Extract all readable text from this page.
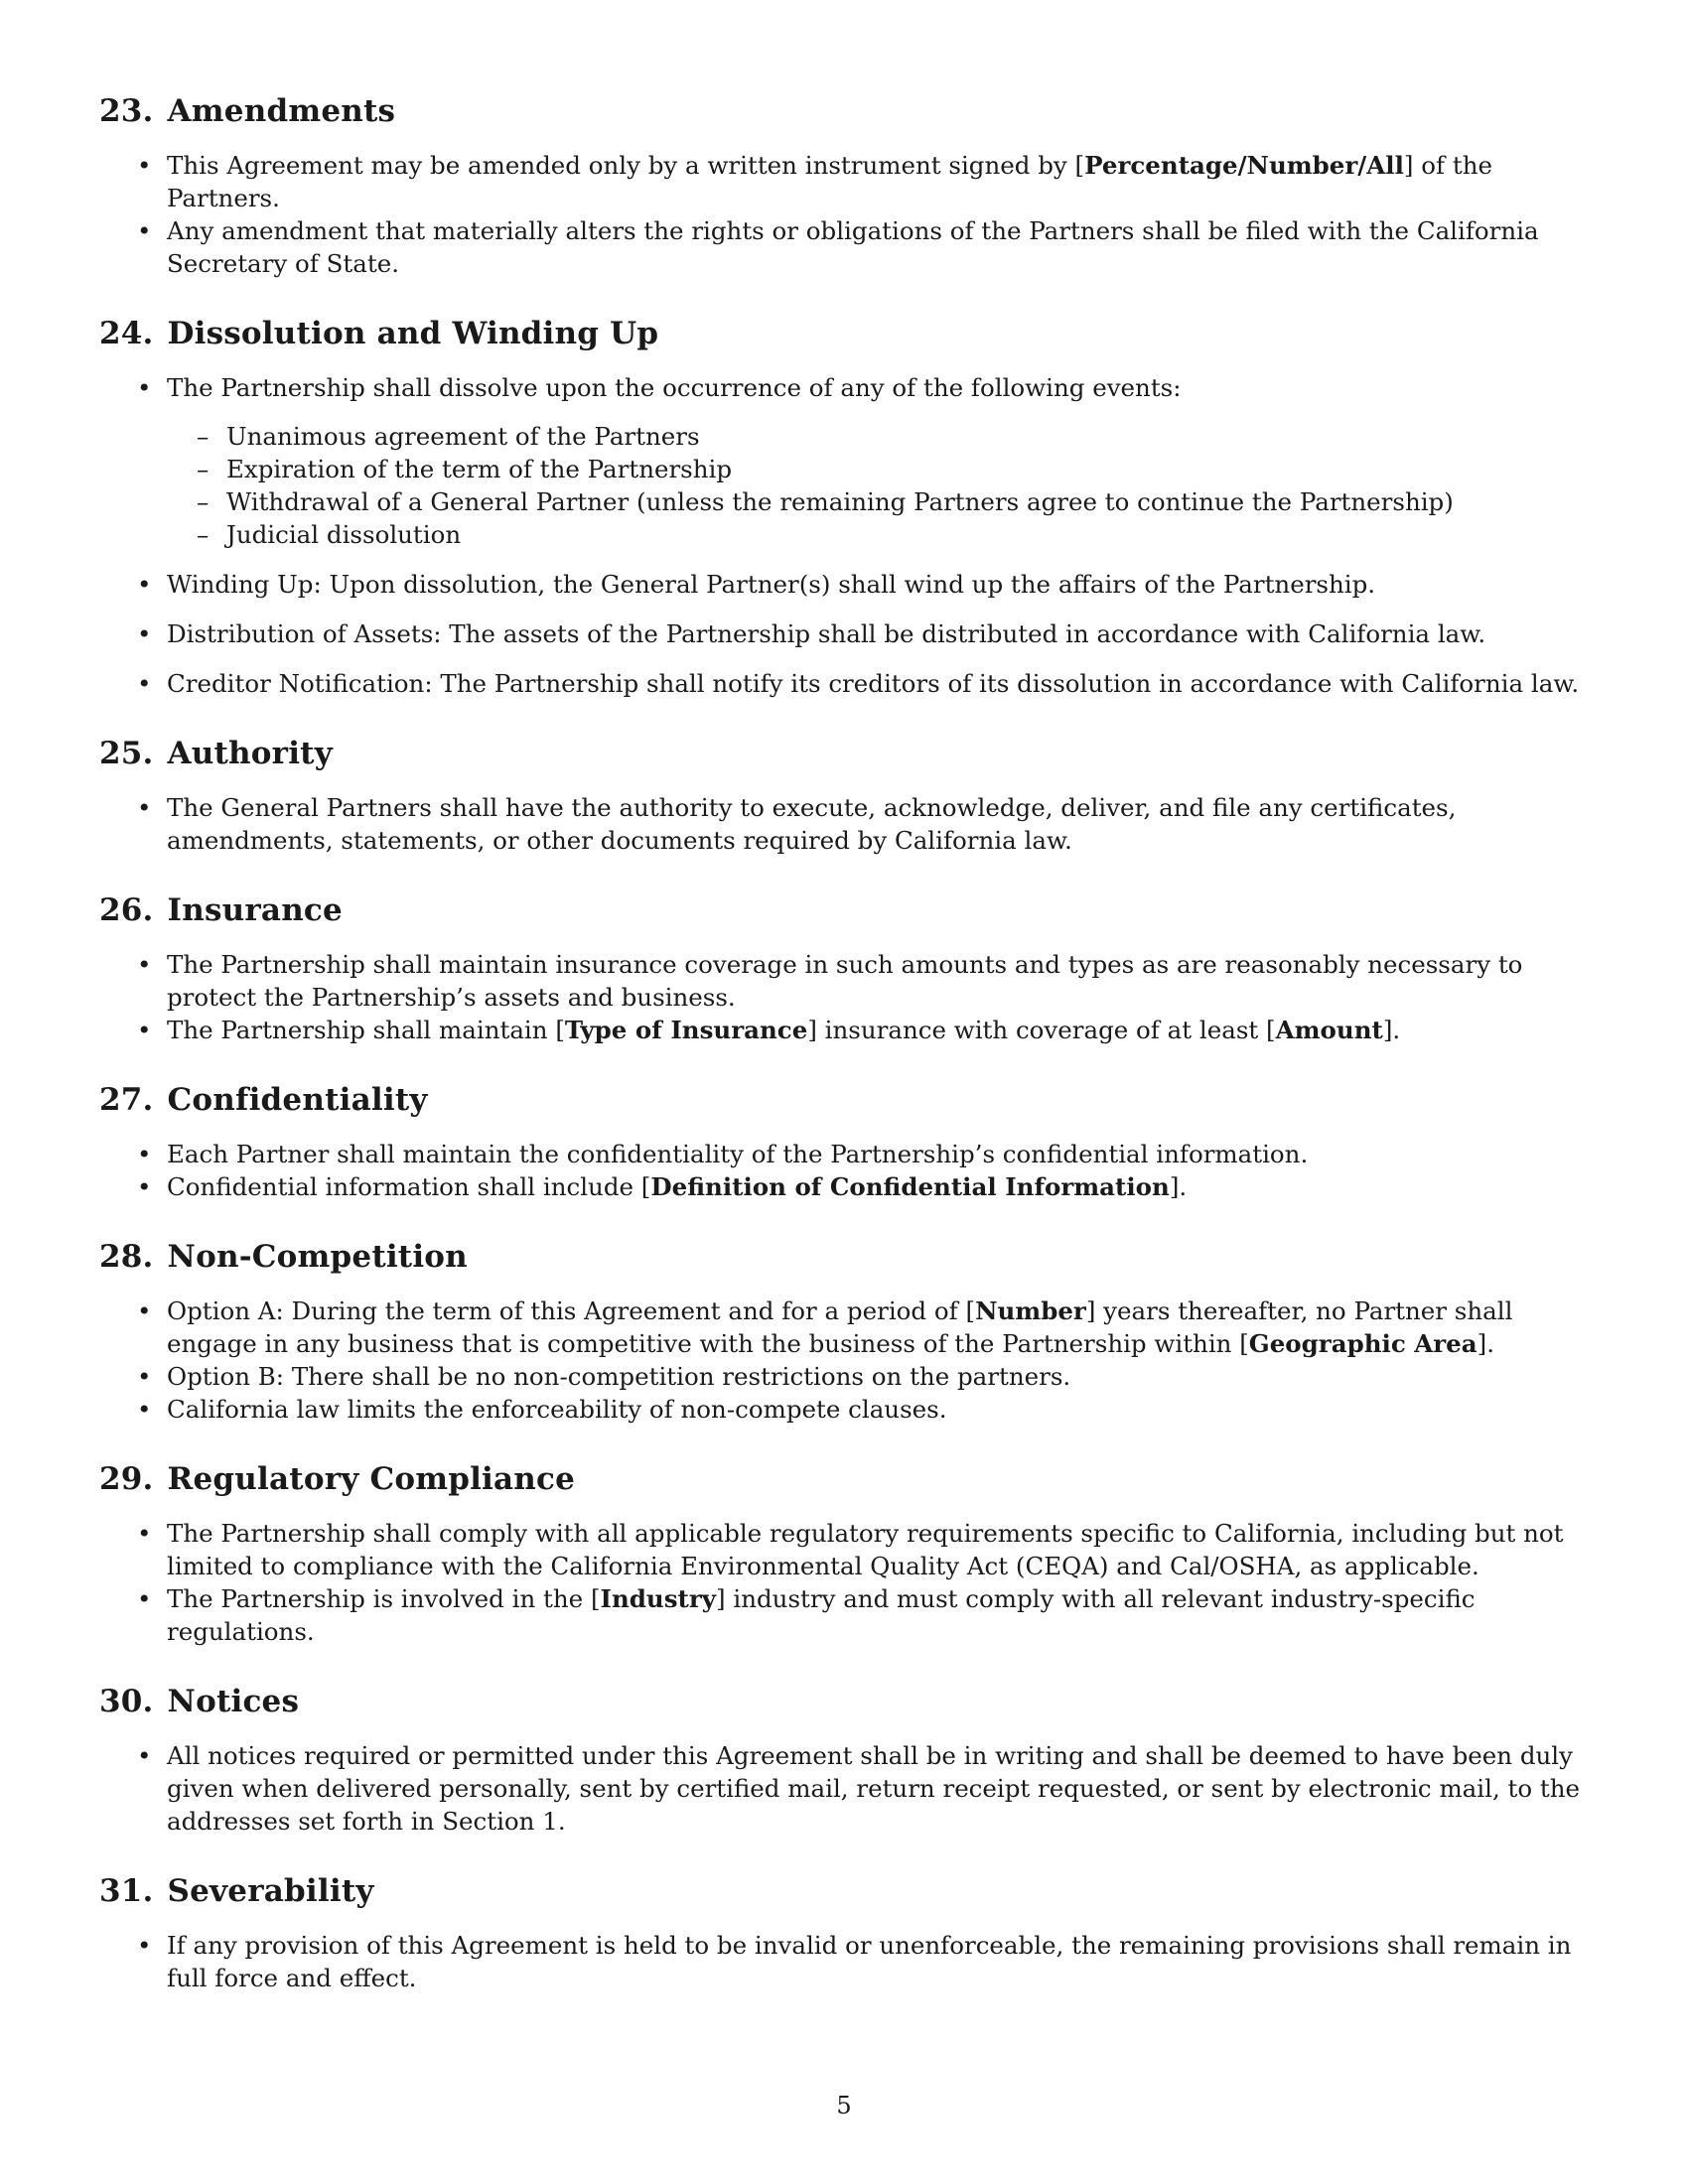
23. Amendments
• This Agreement may be amended only by a written instrument signed by [Percentage/Number/All] of the Partners.
• Any amendment that materially alters the rights or obligations of the Partners shall be filed with the California Secretary of State.
24. Dissolution and Winding Up
• The Partnership shall dissolve upon the occurrence of any of the following events:
– Unanimous agreement of the Partners
– Expiration of the term of the Partnership
– Withdrawal of a General Partner (unless the remaining Partners agree to continue the Partnership)
– Judicial dissolution
• Winding Up: Upon dissolution, the General Partner(s) shall wind up the affairs of the Partnership.
• Distribution of Assets: The assets of the Partnership shall be distributed in accordance with California law.
• Creditor Notification: The Partnership shall notify its creditors of its dissolution in accordance with California law.
25. Authority
• The General Partners shall have the authority to execute, acknowledge, deliver, and file any certificates, amendments, statements, or other documents required by California law.
26. Insurance
• The Partnership shall maintain insurance coverage in such amounts and types as are reasonably necessary to protect the Partnership’s assets and business.
• The Partnership shall maintain [Type of Insurance] insurance with coverage of at least [Amount].
27. Confidentiality
• Each Partner shall maintain the confidentiality of the Partnership’s confidential information.
• Confidential information shall include [Definition of Confidential Information].
28. Non-Competition
• Option A: During the term of this Agreement and for a period of [Number] years thereafter, no Partner shall engage in any business that is competitive with the business of the Partnership within [Geographic Area].
• Option B: There shall be no non-competition restrictions on the partners.
• California law limits the enforceability of non-compete clauses.
29. Regulatory Compliance
• The Partnership shall comply with all applicable regulatory requirements specific to California, including but not limited to compliance with the California Environmental Quality Act (CEQA) and Cal/OSHA, as applicable.
• The Partnership is involved in the [Industry] industry and must comply with all relevant industry-specific regulations.
30. Notices
• All notices required or permitted under this Agreement shall be in writing and shall be deemed to have been duly given when delivered personally, sent by certified mail, return receipt requested, or sent by electronic mail, to the addresses set forth in Section 1.
31. Severability
• If any provision of this Agreement is held to be invalid or unenforceable, the remaining provisions shall remain in full force and effect.
5
